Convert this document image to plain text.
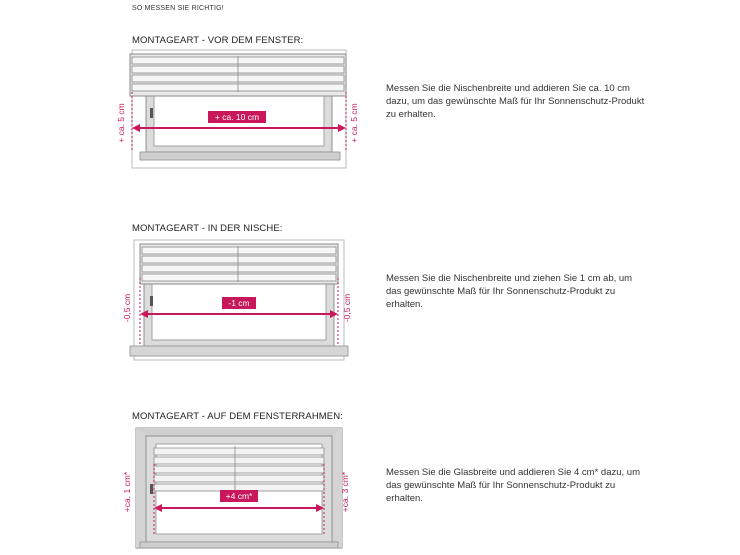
SO MESSEN SIE RICHTIG!
MONTAGEART - VOR DEM FENSTER:
+ ca. 10 cm
+ ca. 5 cm	+ ca. 5 cm
Messen Sie die Nischenbreite und addieren Sie ca. 10 cm dazu, um das gewünschte Maß für Ihr Sonnenschutz-Produkt zu erhalten.
MONTAGEART - IN DER NISCHE:
-1 cm
-0,5 cm	-0,5 cm
Messen Sie die Nischenbreite und ziehen Sie 1 cm ab, um das gewünschte Maß für Ihr Sonnenschutz-Produkt zu erhalten.
MONTAGEART - AUF DEM FENSTERRAHMEN:
+4 cm*
+ca. 1 cm*	+ca. 3 cm*	Messen Sie die Glasbreite und addieren Sie 4 cm* dazu, um das gewünschte Maß für Ihr Sonnenschutz-Produkt zu erhalten.
